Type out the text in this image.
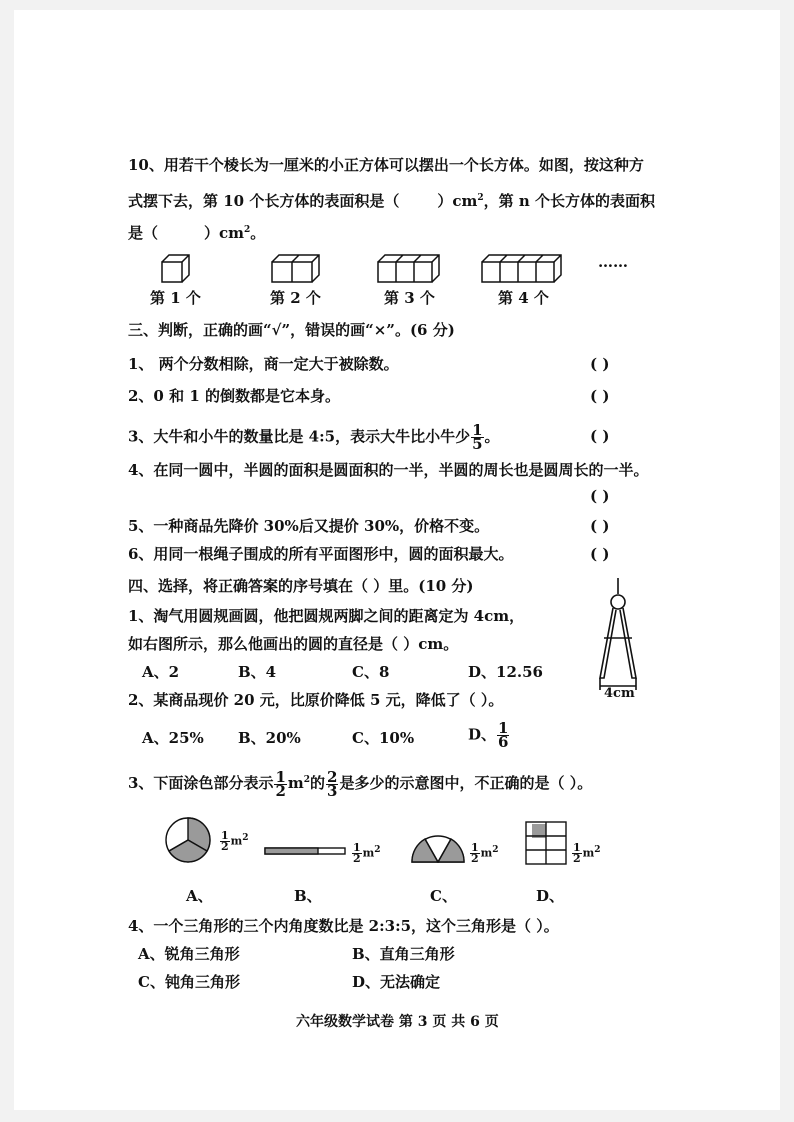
10、用若干个棱长为一厘米的小正方体可以摆出一个长方体。如图，按这种方
式摆下去，第 10 个长方体的表面积是（	）$cm^2$，第 n 个长方体的表面积
是（	）$cm^2$。
……
第 1 个	第 2 个	第 3 个	第 4 个
三、判断，正确的画“√”，错误的画“×”。(6 分)
1、 两个分数相除，商一定大于被除数。	( )
2、0 和 1 的倒数都是它本身。	( )
3、大牛和小牛的数量比是 4:5，表示大牛比小牛少 $\frac{1}{5}$ 。	( )
4、在同一圆中，半圆的面积是圆面积的一半，半圆的周长也是圆周长的一半。
( )
5、一种商品先降价 30%后又提价 30%，价格不变。	( )
6、用同一根绳子围成的所有平面图形中，圆的面积最大。	( )
四、选择，将正确答案的序号填在（ ）里。(10 分)
1、淘气用圆规画圆，他把圆规两脚之间的距离定为 4cm，
如右图所示，那么他画出的圆的直径是（ ）cm。
A、2	B、4	C、8	D、12.56
4cm
2、某商品现价 20 元，比原价降低 5 元，降低了（ ）。
A、25% B、20%	C、10%	D、 $\frac{1}{6}$
3、下面涂色部分表示 $\frac{1}{2} m^2$的 $\frac{2}{3}$ 是多少的示意图中，不正确的是（ ）。
$\frac{1}{2} m^2$
$\frac{1}{2} m^2$	$\frac{1}{2} m^2$	$\frac{1}{2} m^2$
A、	B、	C、	D、
4、一个三角形的三个内角度数比是 2:3:5，这个三角形是（ ）。
A、锐角三角形	B、直角三角形
C、钝角三角形	D、无法确定
六年级数学试卷 第 3 页 共 6 页
